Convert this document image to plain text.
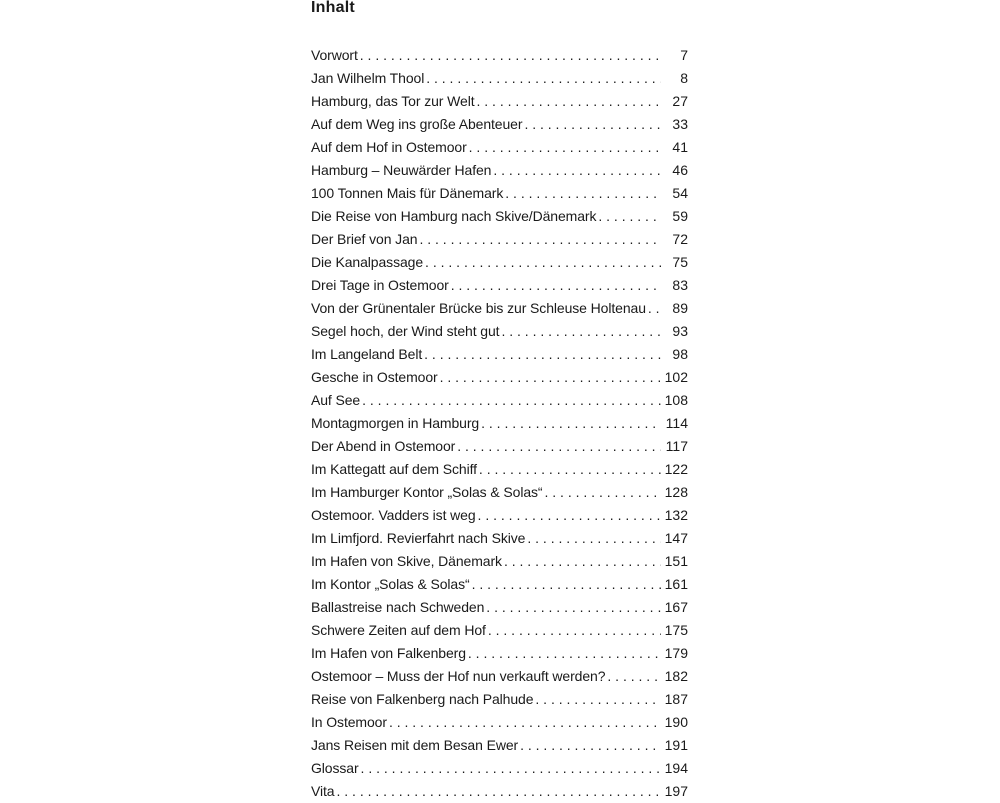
Inhalt
Vorwort . . .	7
Jan Wilhelm Thool . . .	8
Hamburg, das Tor zur Welt . . .	27
Auf dem Weg ins große Abenteuer . . .	33
Auf dem Hof in Ostemoor . . .	41
Hamburg – Neuwärder Hafen . . .	46
100 Tonnen Mais für Dänemark . . .	54
Die Reise von Hamburg nach Skive/Dänemark . . .	59
Der Brief von Jan . . .	72
Die Kanalpassage . . .	75
Drei Tage in Ostemoor . . .	83
Von der Grünentaler Brücke bis zur Schleuse Holtenau . . .	89
Segel hoch, der Wind steht gut . . .	93
Im Langeland Belt . . .	98
Gesche in Ostemoor . . .	102
Auf See . . .	108
Montagmorgen in Hamburg . . .	114
Der Abend in Ostemoor . . .	117
Im Kattegatt auf dem Schiff . . .	122
Im Hamburger Kontor „Solas & Solas“ . . .	128
Ostemoor. Vadders ist weg . . .	132
Im Limfjord. Revierfahrt nach Skive . . .	147
Im Hafen von Skive, Dänemark . . .	151
Im Kontor „Solas & Solas“ . . .	161
Ballastreise nach Schweden . . .	167
Schwere Zeiten auf dem Hof . . .	175
Im Hafen von Falkenberg . . .	179
Ostemoor – Muss der Hof nun verkauft werden? . . .	182
Reise von Falkenberg nach Palhude . . .	187
In Ostemoor . . .	190
Jans Reisen mit dem Besan Ewer . . .	191
Glossar . . .	194
Vita . . .	197
